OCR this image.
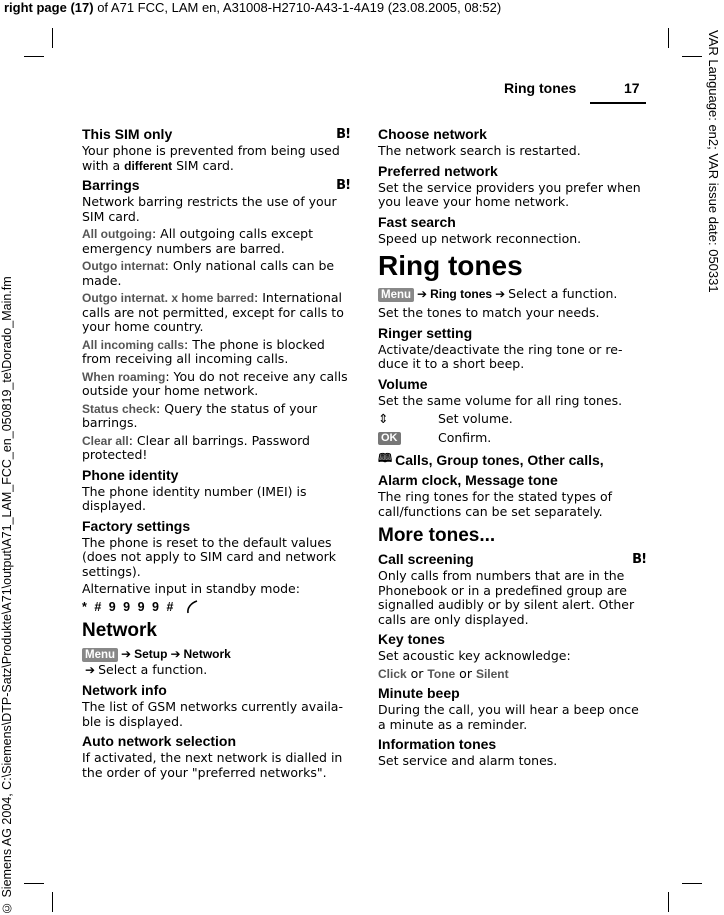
right page (17) of A71 FCC, LAM en, A31008-H2710-A43-1-4A19 (23.08.2005, 08:52)
VAR Language: en2; VAR issue date: 050331
© Siemens AG 2004, C:\Siemens\DTP-Satz\Produkte\A71\output\A71_LAM_FCC_en_050819_te\Dorado_Main.fm
Ring tones	17
This SIM only	B!

Your phone is prevented from being used with a different SIM card.

Barrings	B!

Network barring restricts the use of your SIM card.

All outgoing: All outgoing calls except emergency numbers are barred.

Outgo internat: Only national calls can be made.

Outgo internat. x home barred: International calls are not permitted, except for calls to your home country.

All incoming calls: The phone is blocked from receiving all incoming calls.

When roaming: You do not receive any calls outside your home network.

Status check: Query the status of your barrings.

Clear all: Clear all barrings. Password protected!

Phone identity

The phone identity number (IMEI) is displayed.

Factory settings

The phone is reset to the default values (does not apply to SIM card and network settings).

Alternative input in standby mode:

* # 9 9 9 9 #
Network
Menu ➔ Setup ➔ Network
➔ Select a function.
Network info

The list of GSM networks currently availa-ble is displayed.

Auto network selection

If activated, the next network is dialled in the order of your "preferred networks".

Choose network

The network search is restarted.

Preferred network

Set the service providers you prefer when you leave your home network.

Fast search

Speed up network reconnection.

Ring tones
Menu ➔ Ring tones ➔ Select a function.

Set the tones to match your needs.

Ringer setting

Activate/deactivate the ring tone or re-duce it to a short beep.

Volume

Set the same volume for all ring tones.

⇕	Set volume.
OK	Confirm.
🕮 Calls, Group tones, Other calls,
Alarm clock, Message tone

The ring tones for the stated types of call/functions can be set separately.

More tones...
Call screening	B!

Only calls from numbers that are in the Phonebook or in a predefined group are signalled audibly or by silent alert. Other calls are only displayed.

Key tones

Set acoustic key acknowledge:

Click or Tone or Silent

Minute beep

During the call, you will hear a beep once a minute as a reminder.

Information tones

Set service and alarm tones.
